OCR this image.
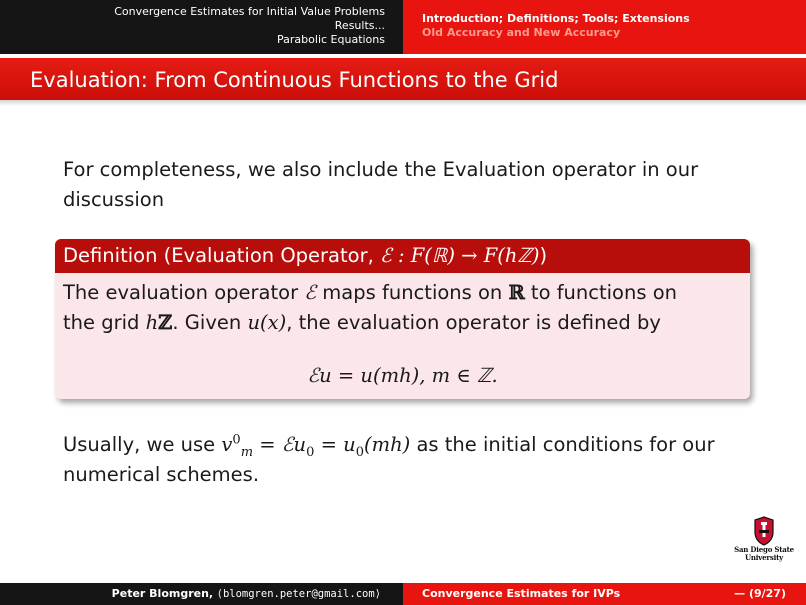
Convergence Estimates for Initial Value Problems
Results...
Parabolic Equations
Introduction; Definitions; Tools; Extensions
Old Accuracy and New Accuracy
Evaluation: From Continuous Functions to the Grid
For completeness, we also include the Evaluation operator in our discussion
Definition (Evaluation Operator, ℰ : F(ℝ) → F(hℤ))
The evaluation operator ℰ maps functions on ℝ to functions on
the grid hℤ. Given u(x), the evaluation operator is defined by
ℰu = u(mh), m ∈ ℤ.
Usually, we use $v^0_m$ = ℰu$_0$ = $u_0(mh)$ as the initial conditions for our numerical schemes.
San Diego State
University
Peter Blomgren, ⟨blomgren.peter@gmail.com⟩	Convergence Estimates for IVPs	— (9/27)
